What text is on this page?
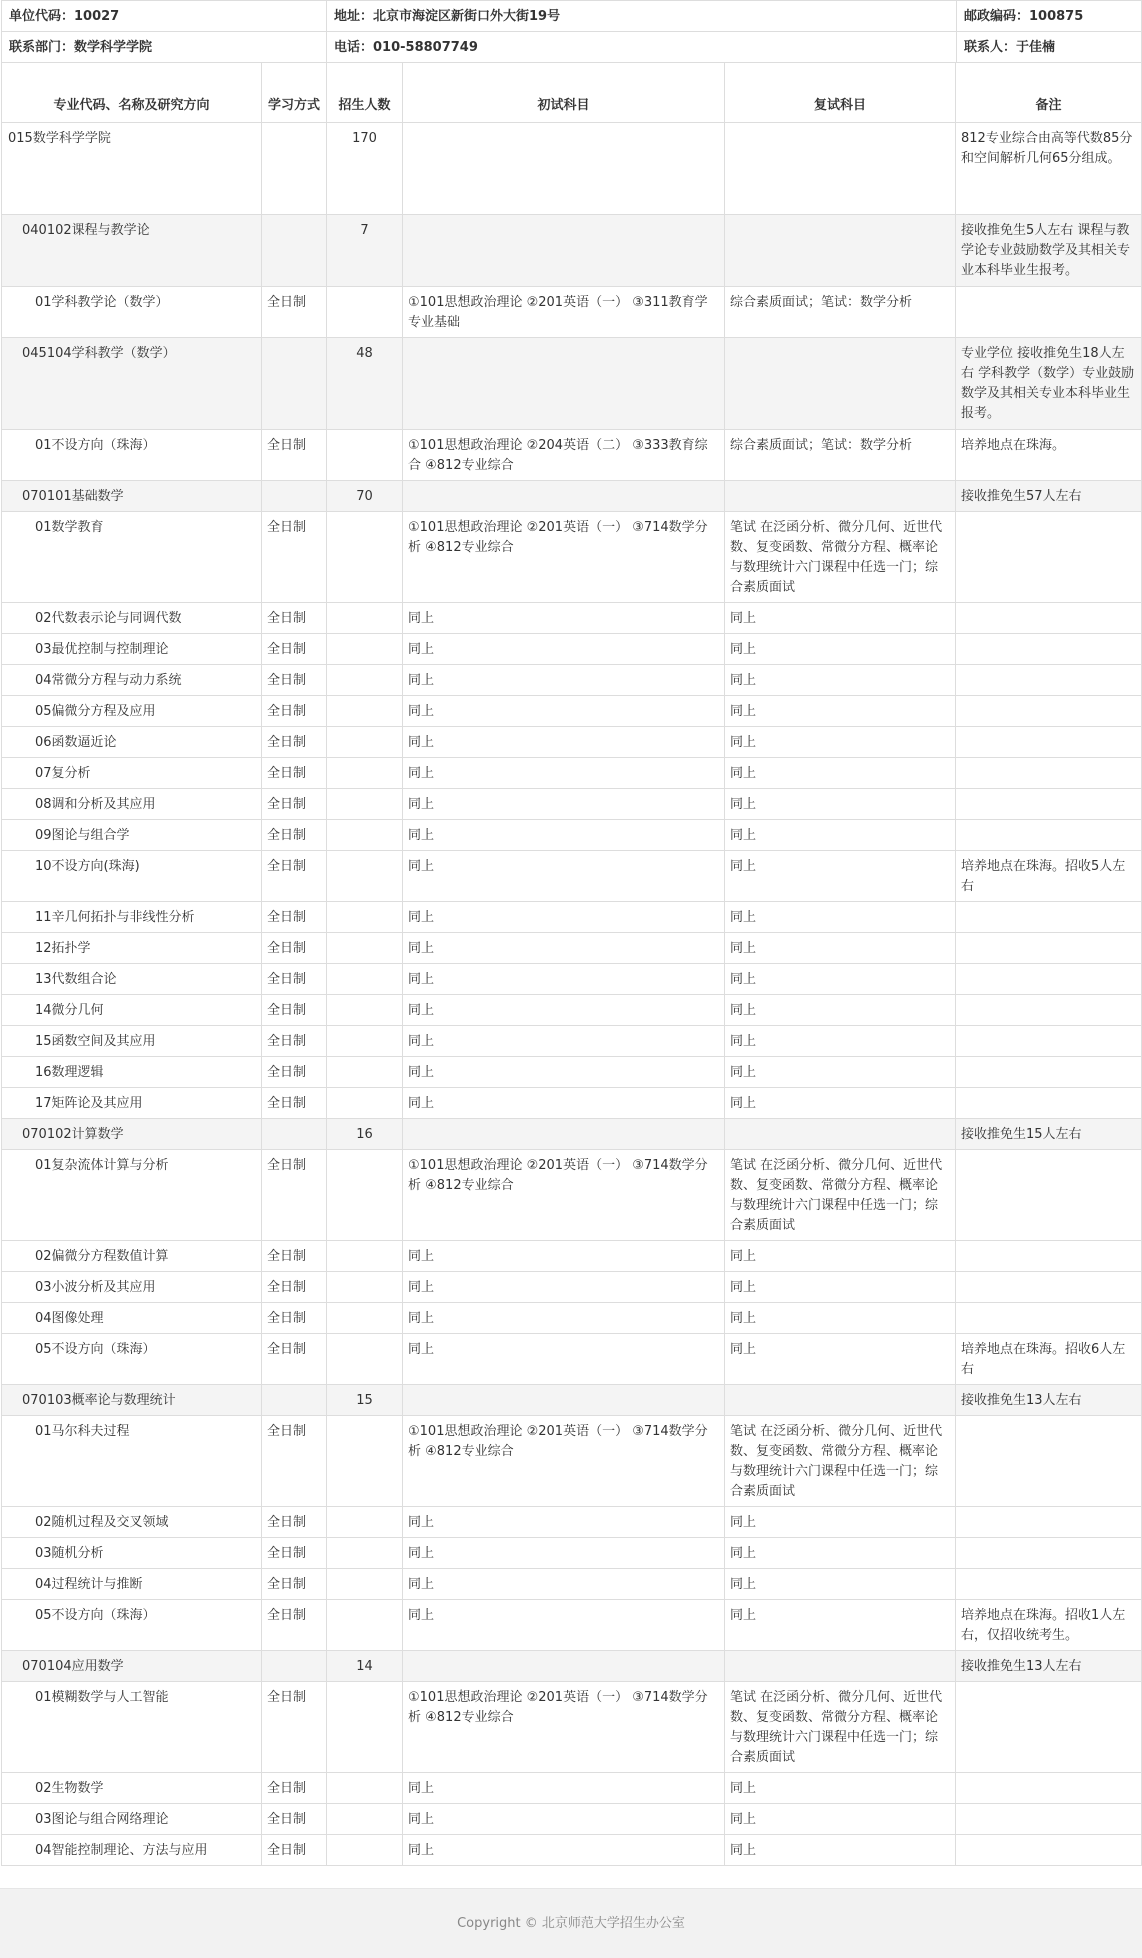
单位代码：10027	地址：北京市海淀区新街口外大街19号	邮政编码：100875
联系部门：数学科学学院	电话：010-58807749	联系人：于佳楠
专业代码、名称及研究方向	学习方式	招生人数	初试科目	复试科目	备注
015数学科学学院		170			812专业综合由高等代数85分和空间解析几何65分组成。
040102课程与教学论		7			接收推免生5人左右 课程与教学论专业鼓励数学及其相关专业本科毕业生报考。
01学科教学论（数学）	全日制		①101思想政治理论 ②201英语（一） ③311教育学专业基础	综合素质面试；笔试：数学分析	
045104学科教学（数学）		48			专业学位 接收推免生18人左右 学科教学（数学）专业鼓励数学及其相关专业本科毕业生报考。
01不设方向（珠海）	全日制		①101思想政治理论 ②204英语（二） ③333教育综合 ④812专业综合	综合素质面试；笔试：数学分析	培养地点在珠海。
070101基础数学		70			接收推免生57人左右
01数学教育	全日制		①101思想政治理论 ②201英语（一） ③714数学分析 ④812专业综合	笔试 在泛函分析、微分几何、近世代数、复变函数、常微分方程、概率论与数理统计六门课程中任选一门；综合素质面试	
02代数表示论与同调代数	全日制		同上	同上	
03最优控制与控制理论	全日制		同上	同上	
04常微分方程与动力系统	全日制		同上	同上	
05偏微分方程及应用	全日制		同上	同上	
06函数逼近论	全日制		同上	同上	
07复分析	全日制		同上	同上	
08调和分析及其应用	全日制		同上	同上	
09图论与组合学	全日制		同上	同上	
10不设方向(珠海)	全日制		同上	同上	培养地点在珠海。招收5人左右
11辛几何拓扑与非线性分析	全日制		同上	同上	
12拓扑学	全日制		同上	同上	
13代数组合论	全日制		同上	同上	
14微分几何	全日制		同上	同上	
15函数空间及其应用	全日制		同上	同上	
16数理逻辑	全日制		同上	同上	
17矩阵论及其应用	全日制		同上	同上	
070102计算数学		16			接收推免生15人左右
01复杂流体计算与分析	全日制		①101思想政治理论 ②201英语（一） ③714数学分析 ④812专业综合	笔试 在泛函分析、微分几何、近世代数、复变函数、常微分方程、概率论与数理统计六门课程中任选一门；综合素质面试	
02偏微分方程数值计算	全日制		同上	同上	
03小波分析及其应用	全日制		同上	同上	
04图像处理	全日制		同上	同上	
05不设方向（珠海）	全日制		同上	同上	培养地点在珠海。招收6人左右
070103概率论与数理统计		15			接收推免生13人左右
01马尔科夫过程	全日制		①101思想政治理论 ②201英语（一） ③714数学分析 ④812专业综合	笔试 在泛函分析、微分几何、近世代数、复变函数、常微分方程、概率论与数理统计六门课程中任选一门；综合素质面试	
02随机过程及交叉领域	全日制		同上	同上	
03随机分析	全日制		同上	同上	
04过程统计与推断	全日制		同上	同上	
05不设方向（珠海）	全日制		同上	同上	培养地点在珠海。招收1人左右，仅招收统考生。
070104应用数学		14			接收推免生13人左右
01模糊数学与人工智能	全日制		①101思想政治理论 ②201英语（一） ③714数学分析 ④812专业综合	笔试 在泛函分析、微分几何、近世代数、复变函数、常微分方程、概率论与数理统计六门课程中任选一门；综合素质面试	
02生物数学	全日制		同上	同上	
03图论与组合网络理论	全日制		同上	同上	
04智能控制理论、方法与应用	全日制		同上	同上	
Copyright © 北京师范大学招生办公室
